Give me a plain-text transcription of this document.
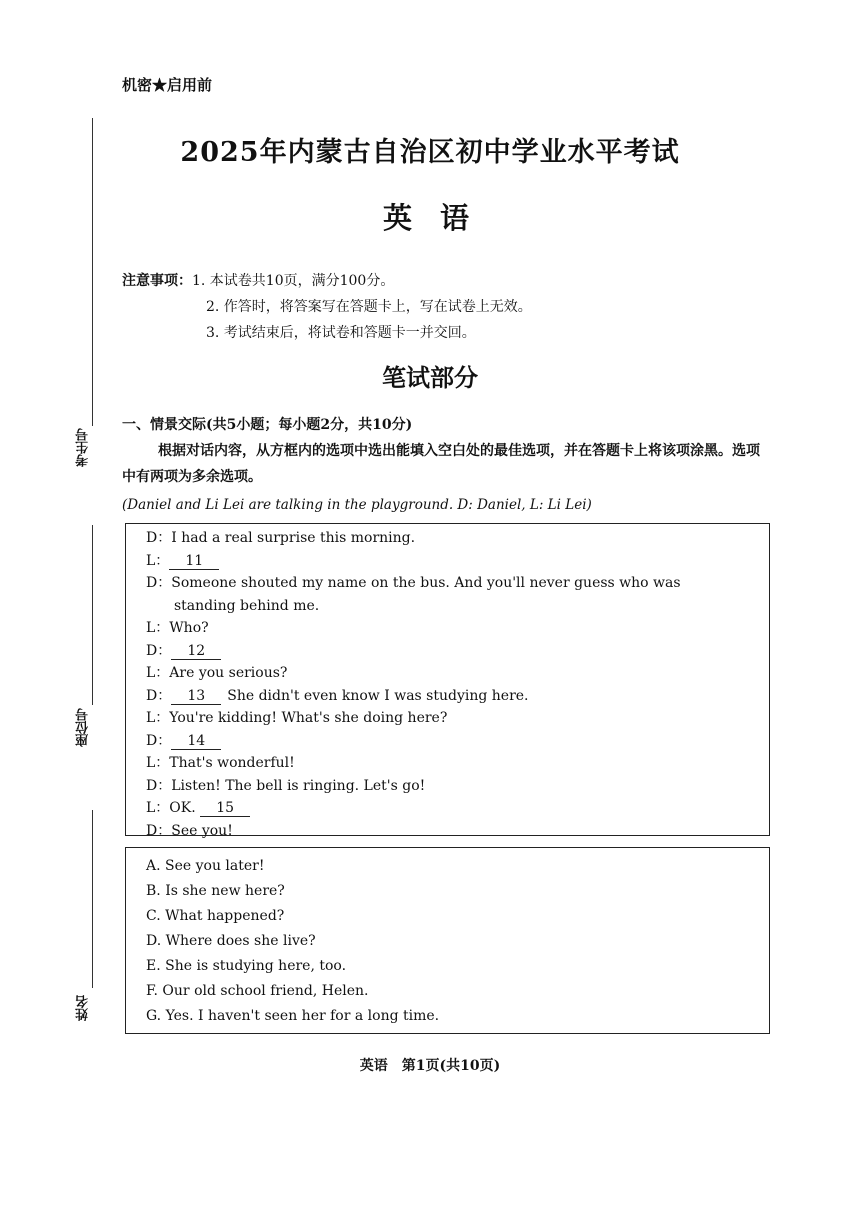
考生号
座位号
姓名
机密★启用前
2025年内蒙古自治区初中学业水平考试
英语
注意事项：1. 本试卷共10页，满分100分。
2. 作答时，将答案写在答题卡上，写在试卷上无效。
3. 考试结束后，将试卷和答题卡一并交回。
笔试部分
一、情景交际(共5小题；每小题2分，共10分)
根据对话内容，从方框内的选项中选出能填入空白处的最佳选项，并在答题卡上将该项涂黑。选项中有两项为多余选项。
(Daniel and Li Lei are talking in the playground. D: Daniel, L: Li Lei)
D：I had a real surprise this morning.
L： 11
D：Someone shouted my name on the bus. And you'll never guess who was
standing behind me.
L：Who?
D： 12
L：Are you serious?
D： 13 She didn't even know I was studying here.
L：You're kidding! What's she doing here?
D： 14
L：That's wonderful!
D：Listen! The bell is ringing. Let's go!
L：OK. 15
D：See you!
A. See you later!
B. Is she new here?
C. What happened?
D. Where does she live?
E. She is studying here, too.
F. Our old school friend, Helen.
G. Yes. I haven't seen her for a long time.
英语　第1页(共10页)
